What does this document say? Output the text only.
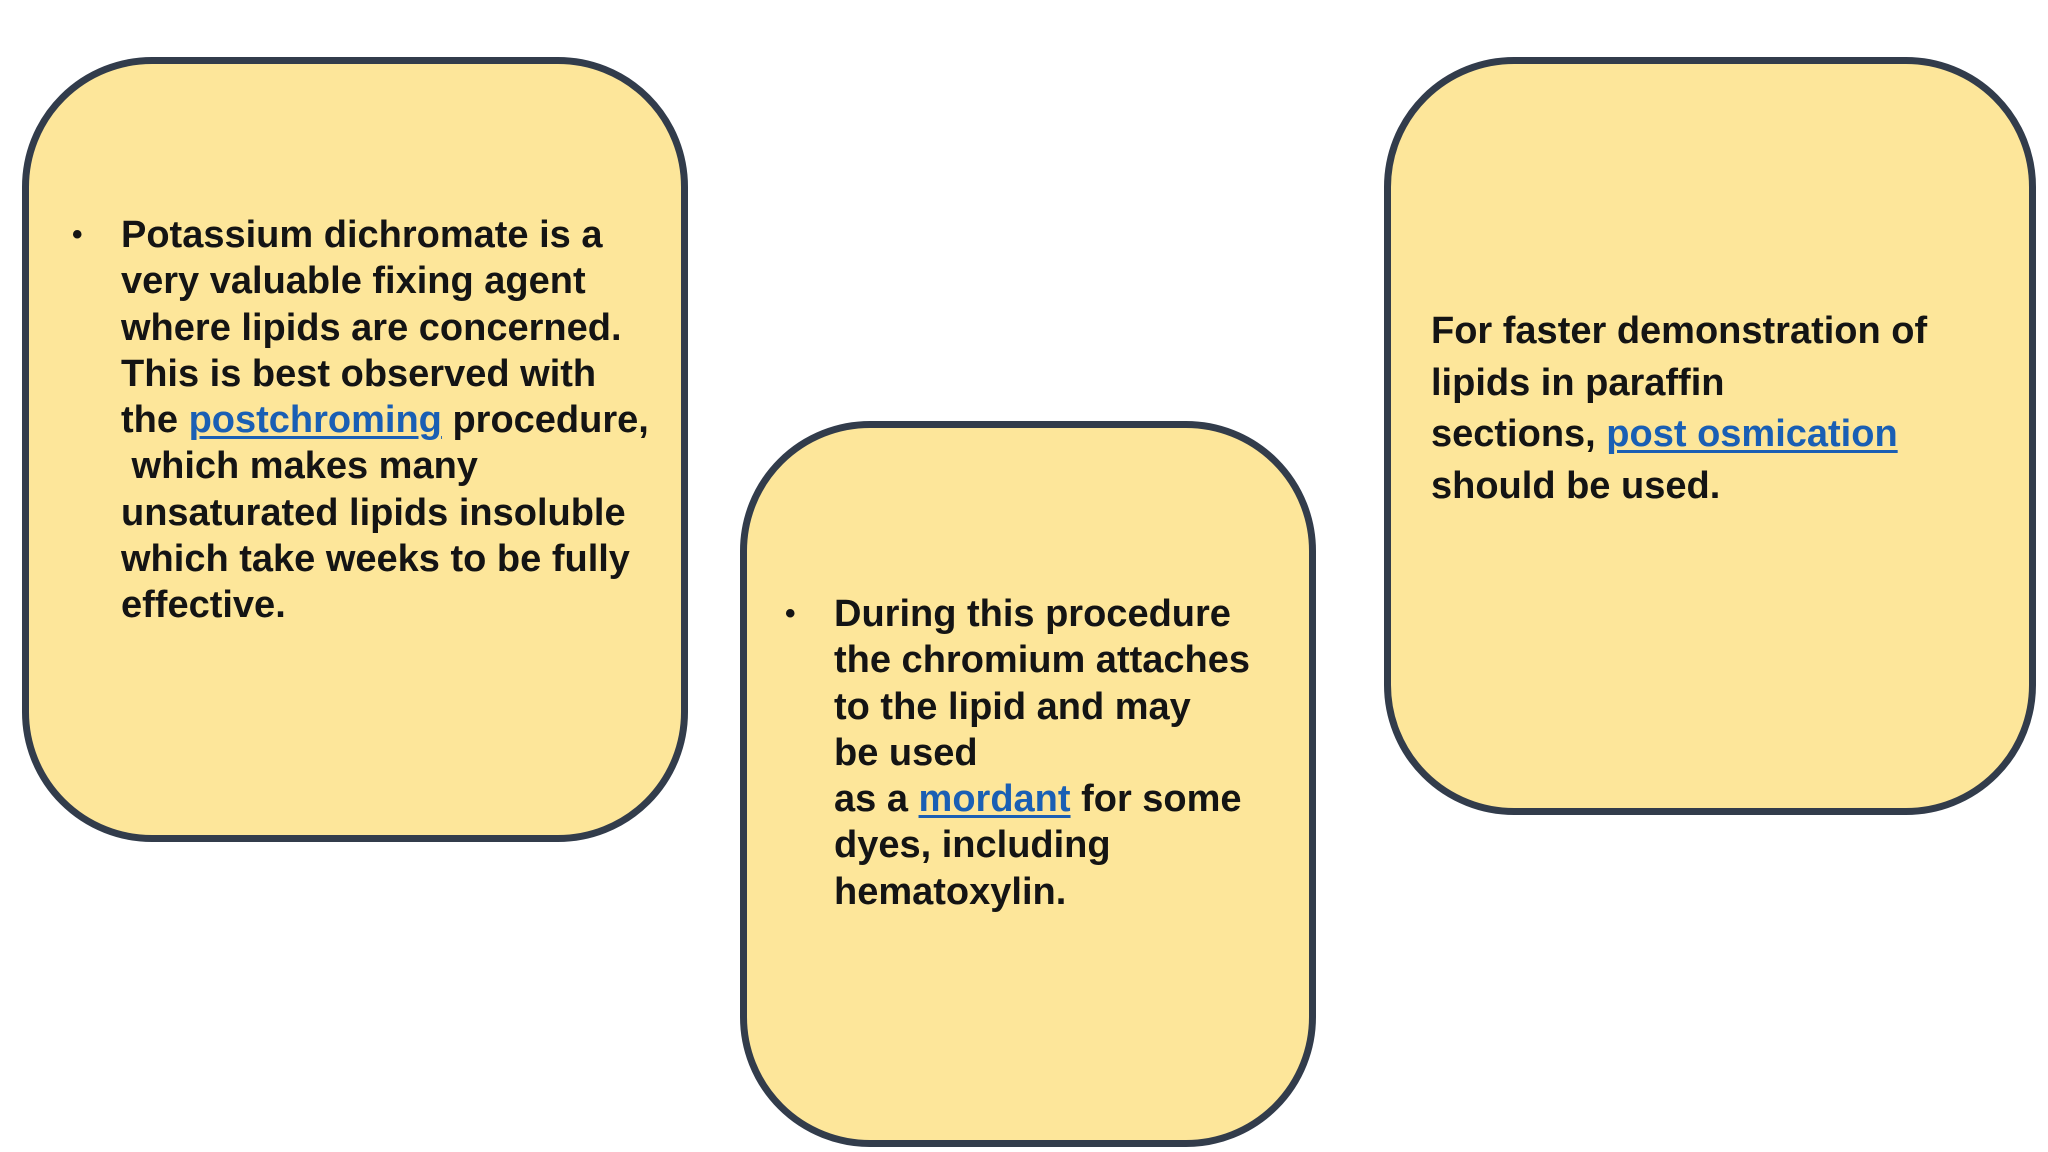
• Potassium dichromate is a
very valuable fixing agent
where lipids are concerned.
This is best observed with
the postchroming procedure,
which makes many
unsaturated lipids insoluble
which take weeks to be fully
effective.	• During this procedure
the chromium attaches
to the lipid and may
be used
as a mordant for some
dyes, including
hematoxylin.
For faster demonstration of
lipids in paraffin
sections, post osmication
should be used.
